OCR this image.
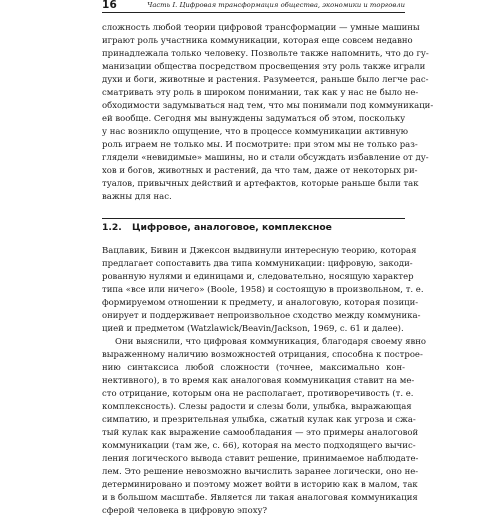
16	Часть I. Цифровая трансформация общества, экономики и торговли
сложность любой теории цифровой трансформации — умные машины
играют роль участника коммуникации, которая еще совсем недавно
принадлежала только человеку. Позвольте также напомнить, что до гу-
манизации общества посредством просвещения эту роль также играли
духи и боги, животные и растения. Разумеется, раньше было легче рас-
сматривать эту роль в широком понимании, так как у нас не было не-
обходимости задумываться над тем, что мы понимали под коммуникаци-
ей вообще. Сегодня мы вынуждены задуматься об этом, поскольку
у нас возникло ощущение, что в процессе коммуникации активную
роль играем не только мы. И посмотрите: при этом мы не только раз-
глядели «невидимые» машины, но и стали обсуждать избавление от ду-
хов и богов, животных и растений, да что там, даже от некоторых ри-
туалов, привычных действий и артефактов, которые раньше были так
важны для нас.
1.2. Цифровое, аналоговое, комплексное
Вацлавик, Бивин и Джексон выдвинули интересную теорию, которая
предлагает сопоставить два типа коммуникации: цифровую, закоди-
рованную нулями и единицами и, следовательно, носящую характер
типа «все или ничего» (Boole, 1958) и состоящую в произвольном, т. е.
формируемом отношении к предмету, и аналоговую, которая позици-
онирует и поддерживает непроизвольное сходство между коммуника-
цией и предметом (Watzlawick/Beavin/Jackson, 1969, с. 61 и далее).
Они выяснили, что цифровая коммуникация, благодаря своему явно
выраженному наличию возможностей отрицания, способна к построе-
нию синтаксиса любой сложности (точнее, максимально кон-
нективного), в то время как аналоговая коммуникация ставит на ме-
сто отрицание, которым она не располагает, противоречивость (т. е.
комплексность). Слезы радости и слезы боли, улыбка, выражающая
симпатию, и презрительная улыбка, сжатый кулак как угроза и сжа-
тый кулак как выражение самообладания — это примеры аналоговой
коммуникации (там же, с. 66), которая на место подходящего вычис-
ления логического вывода ставит решение, принимаемое наблюдате-
лем. Это решение невозможно вычислить заранее логически, оно не-
детерминировано и поэтому может войти в историю как в малом, так
и в большом масштабе. Является ли такая аналоговая коммуникация
сферой человека в цифровую эпоху?
